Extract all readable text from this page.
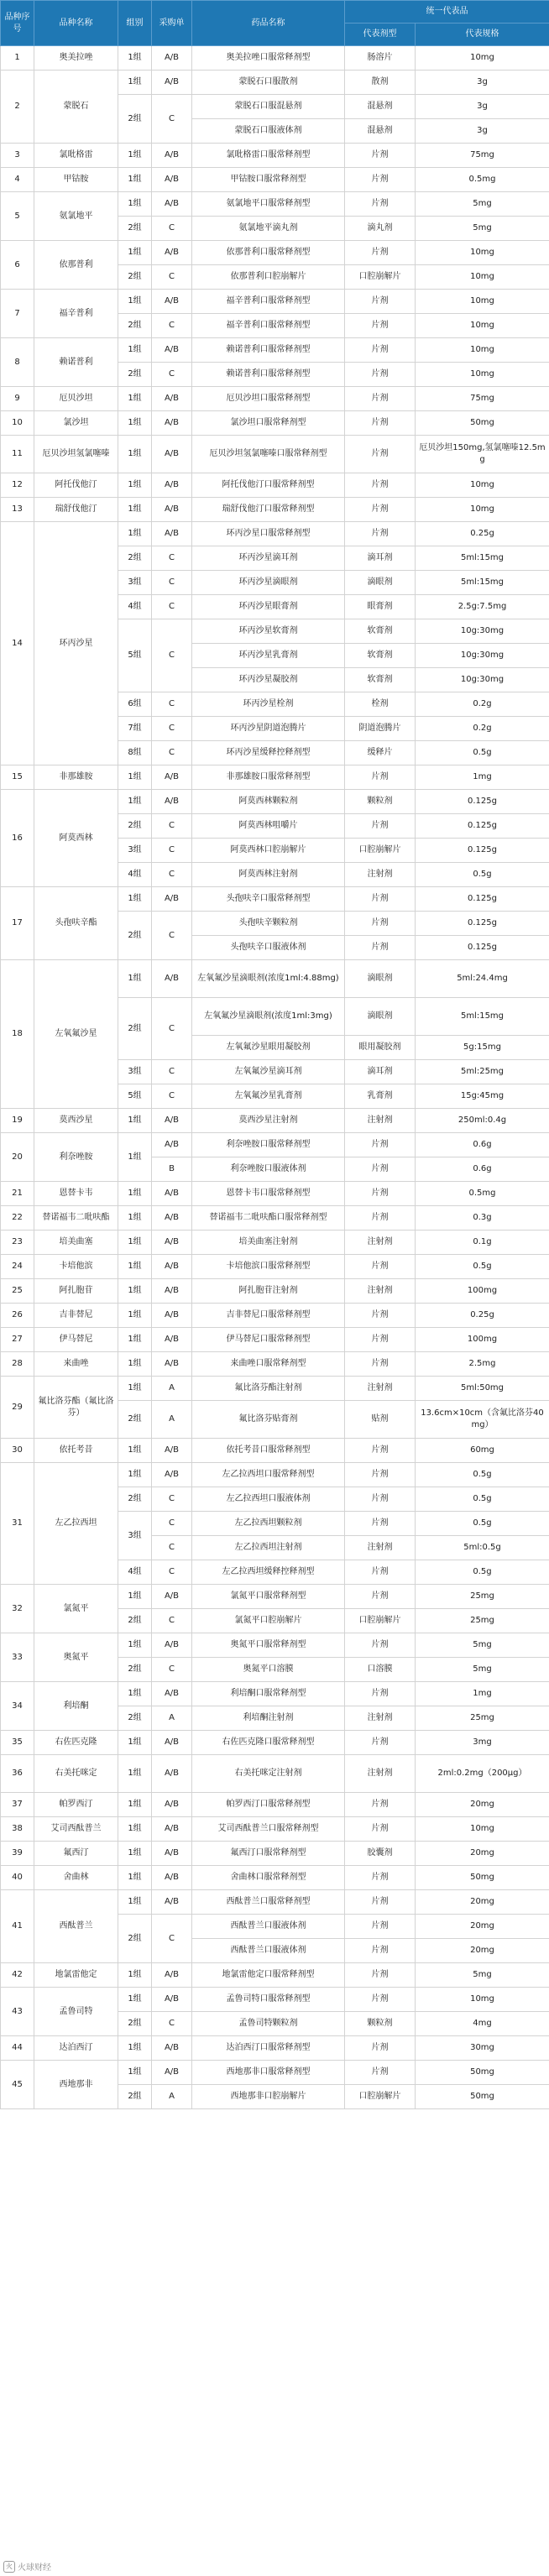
品种序号	品种名称	组别	采购单	药品名称	统一代表品	
					代表剂型	代表规格
1	奥美拉唑	1组	A/B	奥美拉唑口服常释剂型	肠溶片	10mg
2	蒙脱石	1组	A/B	蒙脱石口服散剂	散剂	3g
		2组	C	蒙脱石口服混悬剂	混悬剂	3g
				蒙脱石口服液体剂	混悬剂	3g
3	氯吡格雷	1组	A/B	氯吡格雷口服常释剂型	片剂	75mg
4	甲钴胺	1组	A/B	甲钴胺口服常释剂型	片剂	0.5mg
5	氨氯地平	1组	A/B	氨氯地平口服常释剂型	片剂	5mg
		2组	C	氨氯地平滴丸剂	滴丸剂	5mg
6	依那普利	1组	A/B	依那普利口服常释剂型	片剂	10mg
		2组	C	依那普利口腔崩解片	口腔崩解片	10mg
7	福辛普利	1组	A/B	福辛普利口服常释剂型	片剂	10mg
		2组	C	福辛普利口服常释剂型	片剂	10mg
8	赖诺普利	1组	A/B	赖诺普利口服常释剂型	片剂	10mg
		2组	C	赖诺普利口服常释剂型	片剂	10mg
9	厄贝沙坦	1组	A/B	厄贝沙坦口服常释剂型	片剂	75mg
10	氯沙坦	1组	A/B	氯沙坦口服常释剂型	片剂	50mg
11	厄贝沙坦氢氯噻嗪	1组	A/B	厄贝沙坦氢氯噻嗪口服常释剂型	片剂	厄贝沙坦150mg,氢氯噻嗪12.5mg
12	阿托伐他汀	1组	A/B	阿托伐他汀口服常释剂型	片剂	10mg
13	瑞舒伐他汀	1组	A/B	瑞舒伐他汀口服常释剂型	片剂	10mg
14	环丙沙星	1组	A/B	环丙沙星口服常释剂型	片剂	0.25g
		2组	C	环丙沙星滴耳剂	滴耳剂	5ml:15mg
		3组	C	环丙沙星滴眼剂	滴眼剂	5ml:15mg
		4组	C	环丙沙星眼膏剂	眼膏剂	2.5g:7.5mg
		5组	C	环丙沙星软膏剂	软膏剂	10g:30mg
				环丙沙星乳膏剂	软膏剂	10g:30mg
				环丙沙星凝胶剂	软膏剂	10g:30mg
		6组	C	环丙沙星栓剂	栓剂	0.2g
		7组	C	环丙沙星阴道泡腾片	阴道泡腾片	0.2g
		8组	C	环丙沙星缓释控释剂型	缓释片	0.5g
15	非那雄胺	1组	A/B	非那雄胺口服常释剂型	片剂	1mg
16	阿莫西林	1组	A/B	阿莫西林颗粒剂	颗粒剂	0.125g
		2组	C	阿莫西林咀嚼片	片剂	0.125g
		3组	C	阿莫西林口腔崩解片	口腔崩解片	0.125g
		4组	C	阿莫西林注射剂	注射剂	0.5g
17	头孢呋辛酯	1组	A/B	头孢呋辛口服常释剂型	片剂	0.125g
		2组	C	头孢呋辛颗粒剂	片剂	0.125g
				头孢呋辛口服液体剂	片剂	0.125g
18	左氧氟沙星	1组	A/B	左氧氟沙星滴眼剂(浓度1ml:4.88mg)	滴眼剂	5ml:24.4mg
		2组	C	左氧氟沙星滴眼剂(浓度1ml:3mg)	滴眼剂	5ml:15mg
				左氧氟沙星眼用凝胶剂	眼用凝胶剂	5g:15mg
		3组	C	左氧氟沙星滴耳剂	滴耳剂	5ml:25mg
		5组	C	左氧氟沙星乳膏剂	乳膏剂	15g:45mg
19	莫西沙星	1组	A/B	莫西沙星注射剂	注射剂	250ml:0.4g
20	利奈唑胺	1组	A/B	利奈唑胺口服常释剂型	片剂	0.6g
			B	利奈唑胺口服液体剂	片剂	0.6g
21	恩替卡韦	1组	A/B	恩替卡韦口服常释剂型	片剂	0.5mg
22	替诺福韦二吡呋酯	1组	A/B	替诺福韦二吡呋酯口服常释剂型	片剂	0.3g
23	培美曲塞	1组	A/B	培美曲塞注射剂	注射剂	0.1g
24	卡培他滨	1组	A/B	卡培他滨口服常释剂型	片剂	0.5g
25	阿扎胞苷	1组	A/B	阿扎胞苷注射剂	注射剂	100mg
26	吉非替尼	1组	A/B	吉非替尼口服常释剂型	片剂	0.25g
27	伊马替尼	1组	A/B	伊马替尼口服常释剂型	片剂	100mg
28	来曲唑	1组	A/B	来曲唑口服常释剂型	片剂	2.5mg
29	氟比洛芬酯（氟比洛芬）	1组	A	氟比洛芬酯注射剂	注射剂	5ml:50mg
		2组	A	氟比洛芬贴膏剂	贴剂	13.6cm×10cm（含氟比洛芬40mg）
30	依托考昔	1组	A/B	依托考昔口服常释剂型	片剂	60mg
31	左乙拉西坦	1组	A/B	左乙拉西坦口服常释剂型	片剂	0.5g
		2组	C	左乙拉西坦口服液体剂	片剂	0.5g
		3组	C	左乙拉西坦颗粒剂	片剂	0.5g
			C	左乙拉西坦注射剂	注射剂	5ml:0.5g
		4组	C	左乙拉西坦缓释控释剂型	片剂	0.5g
32	氯氮平	1组	A/B	氯氮平口服常释剂型	片剂	25mg
		2组	C	氯氮平口腔崩解片	口腔崩解片	25mg
33	奥氮平	1组	A/B	奥氮平口服常释剂型	片剂	5mg
		2组	C	奥氮平口溶膜	口溶膜	5mg
34	利培酮	1组	A/B	利培酮口服常释剂型	片剂	1mg
		2组	A	利培酮注射剂	注射剂	25mg
35	右佐匹克隆	1组	A/B	右佐匹克隆口服常释剂型	片剂	3mg
36	右美托咪定	1组	A/B	右美托咪定注射剂	注射剂	2ml:0.2mg（200μg）
37	帕罗西汀	1组	A/B	帕罗西汀口服常释剂型	片剂	20mg
38	艾司西酞普兰	1组	A/B	艾司西酞普兰口服常释剂型	片剂	10mg
39	氟西汀	1组	A/B	氟西汀口服常释剂型	胶囊剂	20mg
40	舍曲林	1组	A/B	舍曲林口服常释剂型	片剂	50mg
41	西酞普兰	1组	A/B	西酞普兰口服常释剂型	片剂	20mg
		2组	C	西酞普兰口服液体剂	片剂	20mg
				西酞普兰口服液体剂	片剂	20mg
42	地氯雷他定	1组	A/B	地氯雷他定口服常释剂型	片剂	5mg
43	孟鲁司特	1组	A/B	孟鲁司特口服常释剂型	片剂	10mg
		2组	C	孟鲁司特颗粒剂	颗粒剂	4mg
44	达泊西汀	1组	A/B	达泊西汀口服常释剂型	片剂	30mg
45	西地那非	1组	A/B	西地那非口服常释剂型	片剂	50mg
		2组	A	西地那非口腔崩解片	口腔崩解片	50mg
火 火球财经
